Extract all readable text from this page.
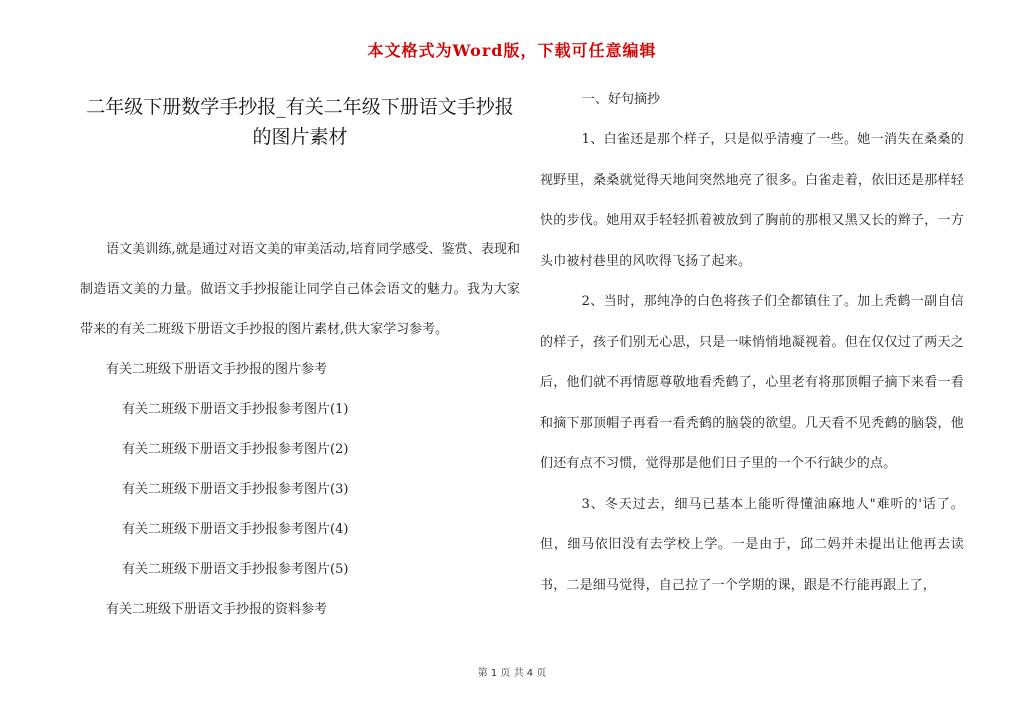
本文格式为Word版，下载可任意编辑
二年级下册数学手抄报_有关二年级下册语文手抄报
的图片素材
语文美训练,就是通过对语文美的审美活动,培育同学感受、鉴赏、表现和制造语文美的力量。做语文手抄报能让同学自己体会语文的魅力。我为大家带来的有关二班级下册语文手抄报的图片素材,供大家学习参考。
有关二班级下册语文手抄报的图片参考
有关二班级下册语文手抄报参考图片(1)
有关二班级下册语文手抄报参考图片(2)
有关二班级下册语文手抄报参考图片(3)
有关二班级下册语文手抄报参考图片(4)
有关二班级下册语文手抄报参考图片(5)
有关二班级下册语文手抄报的资料参考
一、好句摘抄

1、白雀还是那个样子，只是似乎清瘦了一些。她一消失在桑桑的视野里，桑桑就觉得天地间突然地亮了很多。白雀走着，依旧还是那样轻快的步伐。她用双手轻轻抓着被放到了胸前的那根又黑又长的辫子，一方头巾被村巷里的风吹得飞扬了起来。

2、当时，那纯净的白色将孩子们全都镇住了。加上秃鹤一副自信的样子，孩子们别无心思，只是一味悄悄地凝视着。但在仅仅过了两天之后，他们就不再情愿尊敬地看秃鹤了，心里老有将那顶帽子摘下来看一看和摘下那顶帽子再看一看秃鹤的脑袋的欲望。几天看不见秃鹤的脑袋，他们还有点不习惯，觉得那是他们日子里的一个不行缺少的点。

3、冬天过去，细马已基本上能听得懂油麻地人"难听的'话了。但，细马依旧没有去学校上学。一是由于，邱二妈并未提出让他再去读书，二是细马觉得，自己拉了一个学期的课，跟是不行能再跟上了，

第 1 页 共 4 页
